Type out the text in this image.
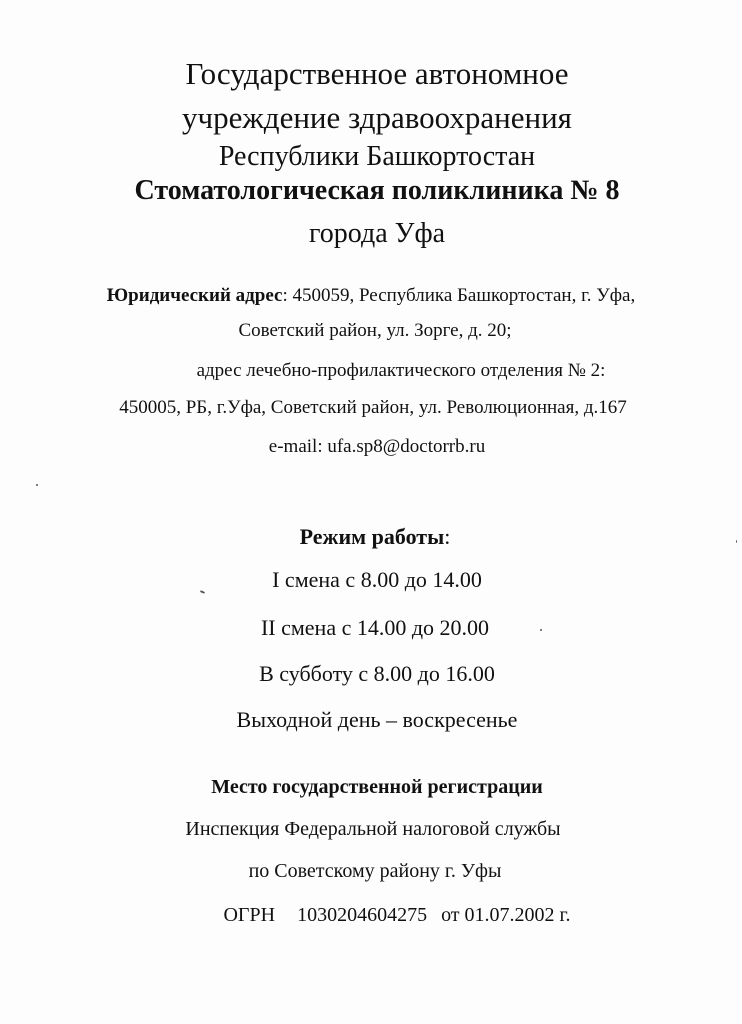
Государственное автономное
учреждение здравоохранения
Республики Башкортостан
Стоматологическая поликлиника № 8
города Уфа
Юридический адрес: 450059, Республика Башкортостан, г. Уфа,
Советский район, ул. Зорге, д. 20;
адрес лечебно-профилактического отделения № 2:
450005, РБ, г.Уфа, Советский район, ул. Революционная, д.167
e-mail: ufa.sp8@doctorrb.ru
Режим работы:
I смена с 8.00 до 14.00
II смена с 14.00 до 20.00
В субботу с 8.00 до 16.00
Выходной день – воскресенье
Место государственной регистрации
Инспекция Федеральной налоговой службы
по Советскому району г. Уфы
ОГРН 1030204604275 от 01.07.2002 г.
